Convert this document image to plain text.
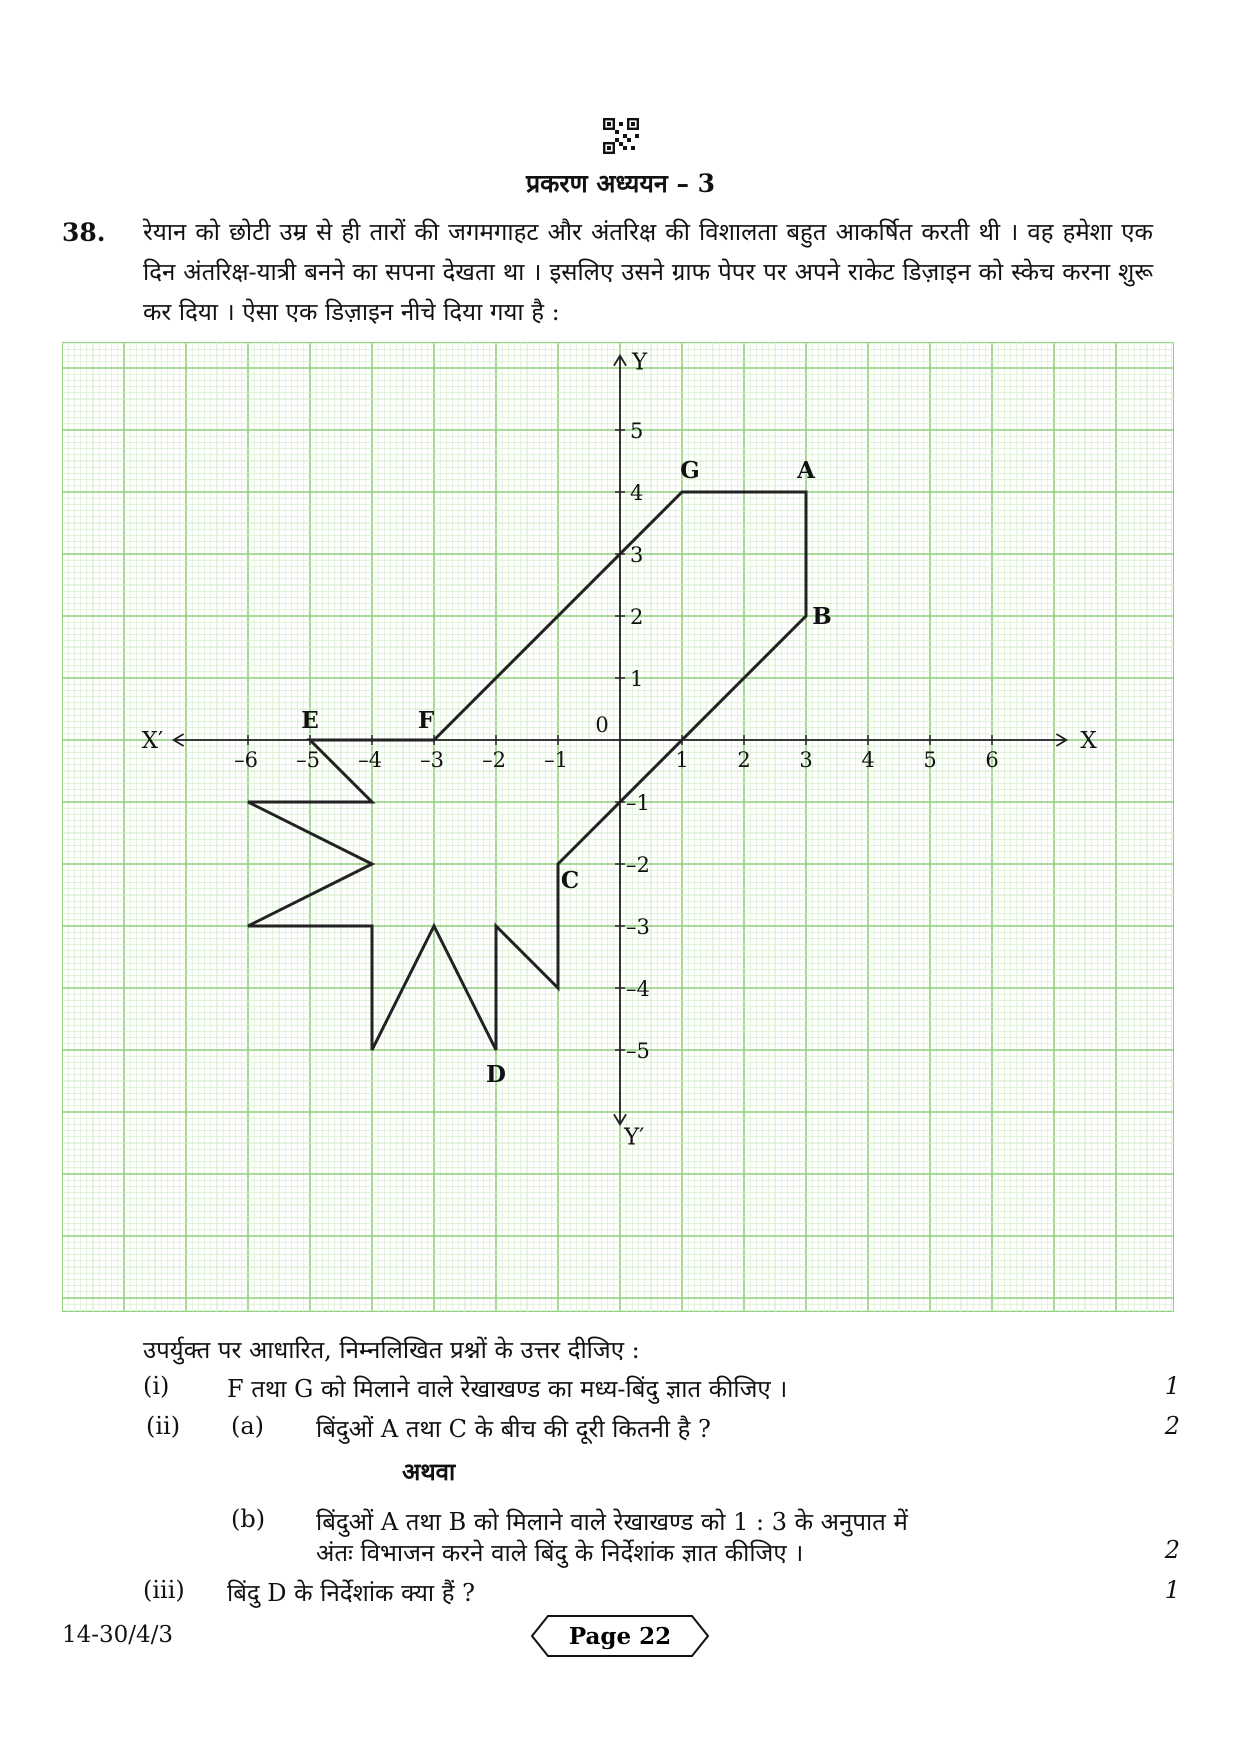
प्रकरण अध्ययन – 3
38. रेयान को छोटी उम्र से ही तारों की जगमगाहट और अंतरिक्ष की विशालता बहुत आकर्षित करती थी । वह हमेशा एक दिन अंतरिक्ष-यात्री बनने का सपना देखता था । इसलिए उसने ग्राफ पेपर पर अपने राकेट डिज़ाइन को स्केच करना शुरू कर दिया । ऐसा एक डिज़ाइन नीचे दिया गया है :
–6 –5 –4 –3 –2 –1	1 2 3 4 5 6
5
4
3
2
1
–1
–2
–3
–4
–5
0
X
X′
Y
Y′
A
B
C
D
E	F
G
उपर्युक्त पर आधारित, निम्नलिखित प्रश्नों के उत्तर दीजिए :
(i) F तथा G को मिलाने वाले रेखाखण्ड का मध्य-बिंदु ज्ञात कीजिए ।	1
(ii) (a) बिंदुओं A तथा C के बीच की दूरी कितनी है ?	2
अथवा
(b) बिंदुओं A तथा B को मिलाने वाले रेखाखण्ड को 1 : 3 के अनुपात में
अंतः विभाजन करने वाले बिंदु के निर्देशांक ज्ञात कीजिए ।	2
(iii) बिंदु D के निर्देशांक क्या हैं ?	1
14-30/4/3	Page 22
